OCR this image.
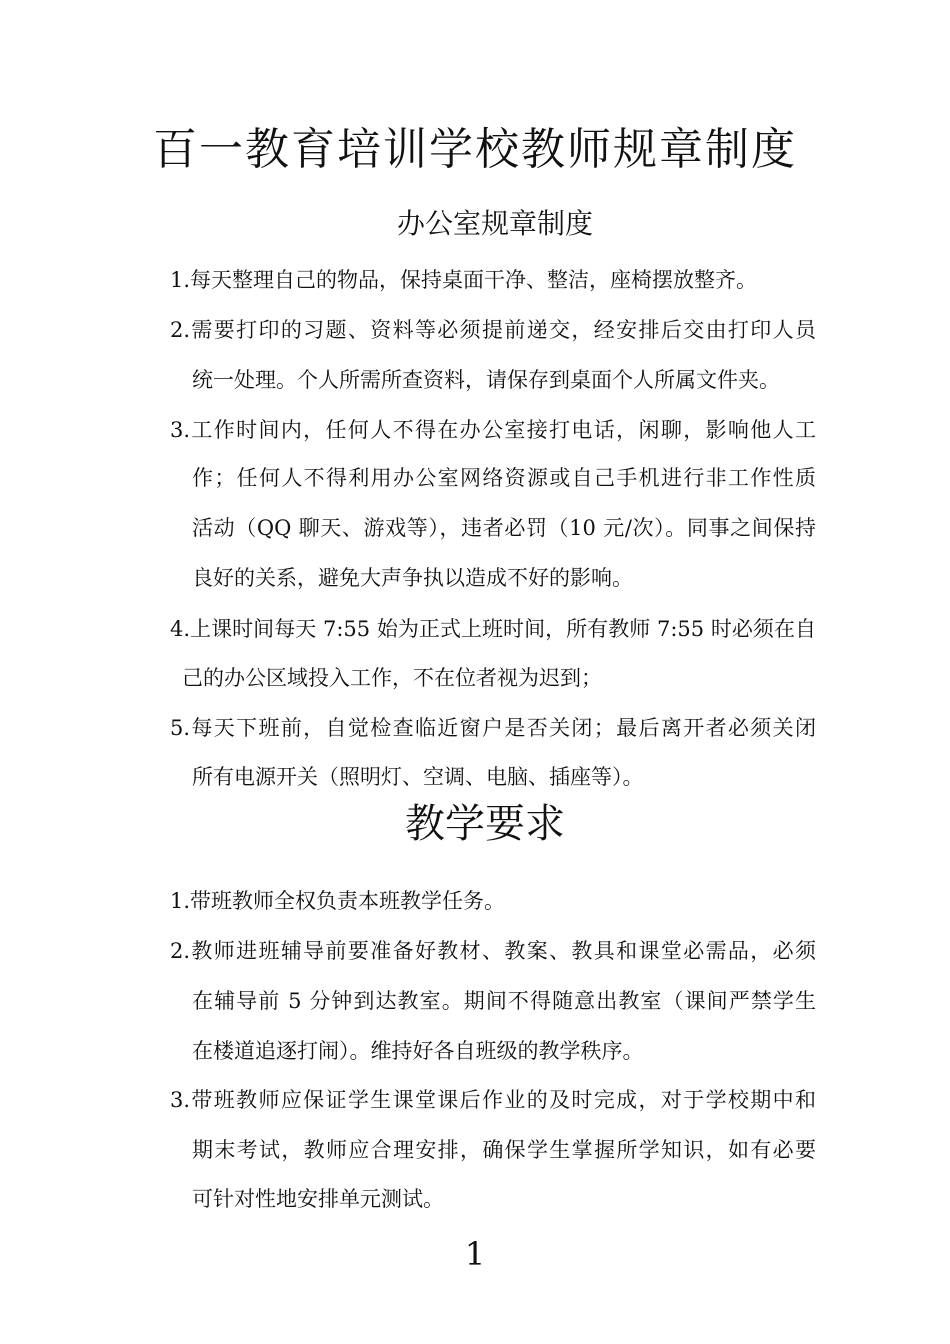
百一教育培训学校教师规章制度
办公室规章制度
1.每天整理自己的物品，保持桌面干净、整洁，座椅摆放整齐。
2.需要打印的习题、资料等必须提前递交，经安排后交由打印人员
统一处理。个人所需所查资料，请保存到桌面个人所属文件夹。
3.工作时间内，任何人不得在办公室接打电话，闲聊，影响他人工
作；任何人不得利用办公室网络资源或自己手机进行非工作性质
活动（QQ 聊天、游戏等），违者必罚（10 元/次）。同事之间保持
良好的关系，避免大声争执以造成不好的影响。
4.上课时间每天 7:55 始为正式上班时间，所有教师 7:55 时必须在自
己的办公区域投入工作，不在位者视为迟到；
5.每天下班前，自觉检查临近窗户是否关闭；最后离开者必须关闭
所有电源开关（照明灯、空调、电脑、插座等）。
教学要求
1.带班教师全权负责本班教学任务。
2.教师进班辅导前要准备好教材、教案、教具和课堂必需品，必须
在辅导前 5 分钟到达教室。期间不得随意出教室（课间严禁学生
在楼道追逐打闹）。维持好各自班级的教学秩序。
3.带班教师应保证学生课堂课后作业的及时完成，对于学校期中和
期末考试，教师应合理安排，确保学生掌握所学知识，如有必要
可针对性地安排单元测试。
1
